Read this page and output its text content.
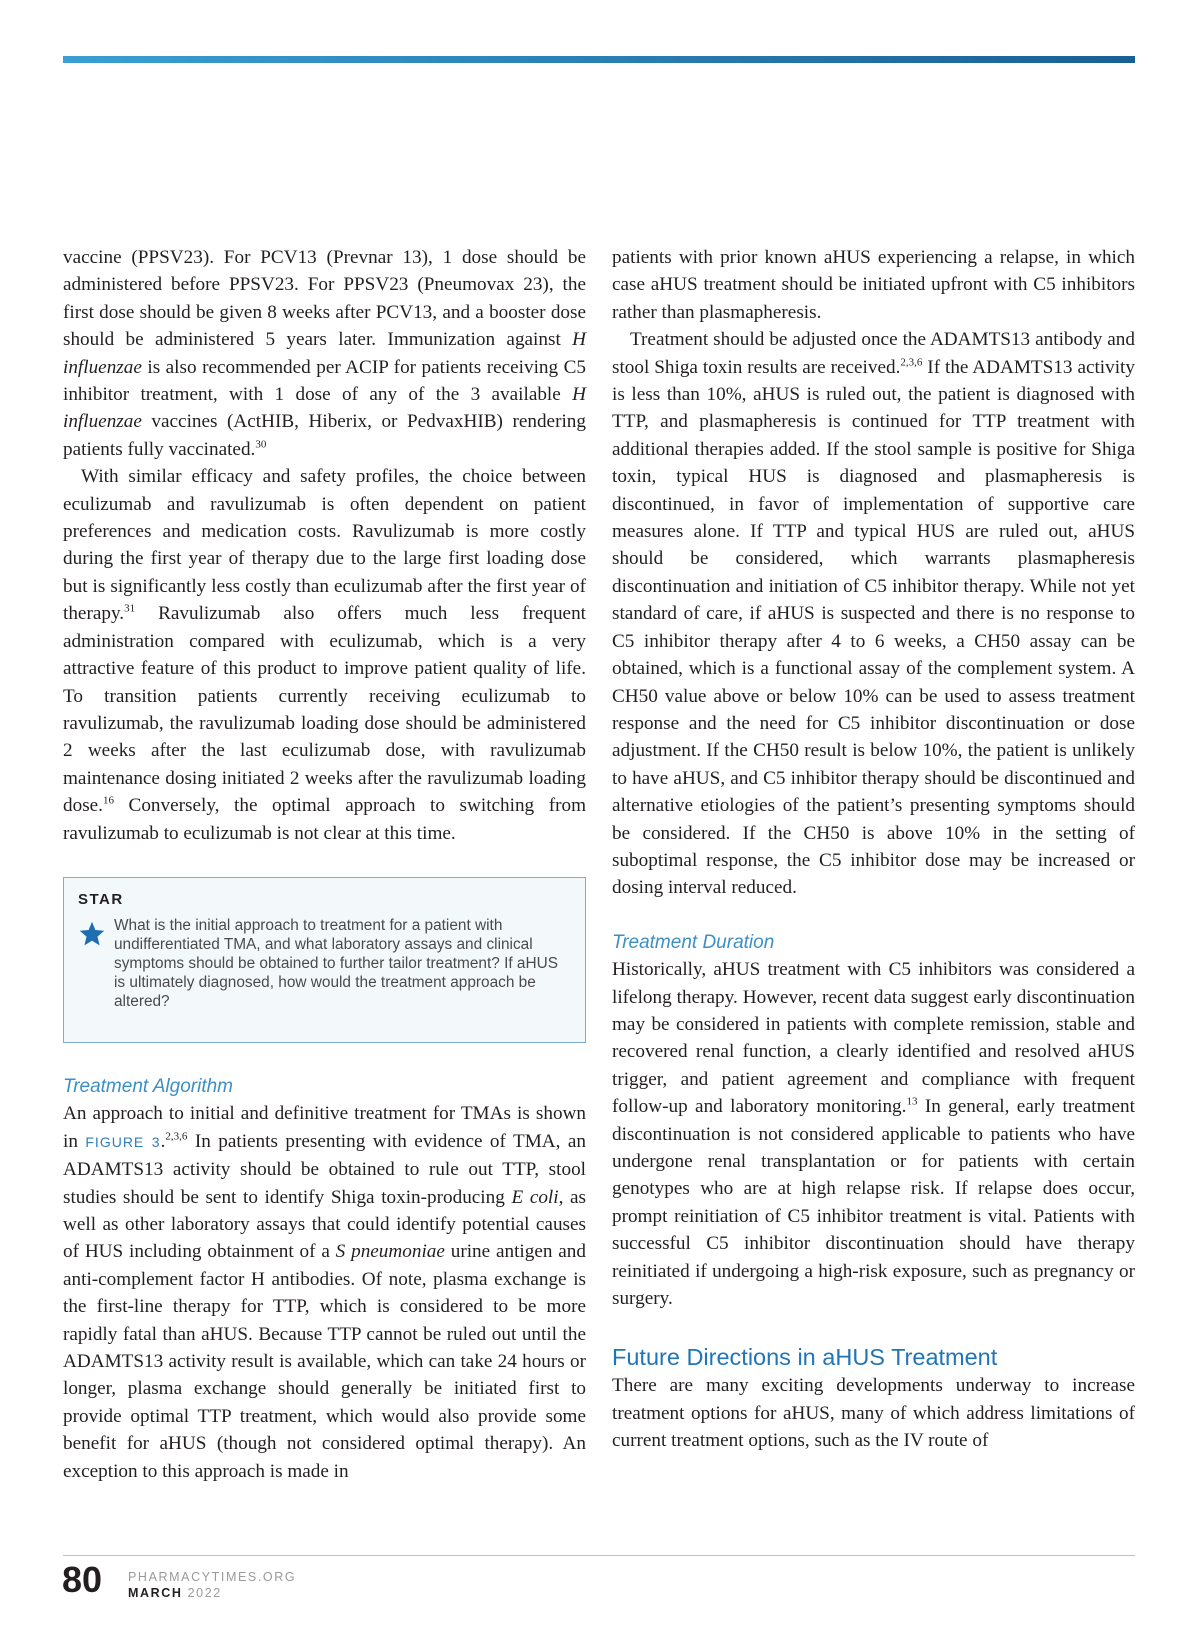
vaccine (PPSV23). For PCV13 (Prevnar 13), 1 dose should be administered before PPSV23. For PPSV23 (Pneumovax 23), the first dose should be given 8 weeks after PCV13, and a booster dose should be administered 5 years later. Immunization against H influenzae is also recommended per ACIP for patients receiving C5 inhibitor treatment, with 1 dose of any of the 3 available H influenzae vaccines (ActHIB, Hiberix, or PedvaxHIB) rendering patients fully vaccinated.$^{30}$

With similar efficacy and safety profiles, the choice between eculizumab and ravulizumab is often dependent on patient preferences and medication costs. Ravulizumab is more costly during the first year of therapy due to the large first loading dose but is significantly less costly than eculizumab after the first year of therapy.$^{31}$ Ravulizumab also offers much less frequent administration compared with eculizumab, which is a very attractive feature of this product to improve patient quality of life. To transition patients currently receiving eculizumab to ravulizumab, the ravulizumab loading dose should be administered 2 weeks after the last eculizumab dose, with ravulizumab maintenance dosing initiated 2 weeks after the ravulizumab loading dose.$^{16}$ Conversely, the optimal approach to switching from ravulizumab to eculizumab is not clear at this time.

STAR
What is the initial approach to treatment for a patient with undifferentiated TMA, and what laboratory assays and clinical symptoms should be obtained to further tailor treatment? If aHUS is ultimately diagnosed, how would the treatment approach be altered?

Treatment Algorithm

An approach to initial and definitive treatment for TMAs is shown in FIGURE 3.$^{2,3,6}$ In patients presenting with evidence of TMA, an ADAMTS13 activity should be obtained to rule out TTP, stool studies should be sent to identify Shiga toxin-producing E coli, as well as other laboratory assays that could identify potential causes of HUS including obtainment of a S pneumoniae urine antigen and anti-complement factor H antibodies. Of note, plasma exchange is the first-line therapy for TTP, which is considered to be more rapidly fatal than aHUS. Because TTP cannot be ruled out until the ADAMTS13 activity result is available, which can take 24 hours or longer, plasma exchange should generally be initiated first to provide optimal TTP treatment, which would also provide some benefit for aHUS (though not considered optimal therapy). An exception to this approach is made in

patients with prior known aHUS experiencing a relapse, in which case aHUS treatment should be initiated upfront with C5 inhibitors rather than plasmapheresis.

Treatment should be adjusted once the ADAMTS13 antibody and stool Shiga toxin results are received.$^{2,3,6}$ If the ADAMTS13 activity is less than 10%, aHUS is ruled out, the patient is diagnosed with TTP, and plasmapheresis is continued for TTP treatment with additional therapies added. If the stool sample is positive for Shiga toxin, typical HUS is diagnosed and plasmapheresis is discontinued, in favor of implementation of supportive care measures alone. If TTP and typical HUS are ruled out, aHUS should be considered, which warrants plasmapheresis discontinuation and initiation of C5 inhibitor therapy. While not yet standard of care, if aHUS is suspected and there is no response to C5 inhibitor therapy after 4 to 6 weeks, a CH50 assay can be obtained, which is a functional assay of the complement system. A CH50 value above or below 10% can be used to assess treatment response and the need for C5 inhibitor discontinuation or dose adjustment. If the CH50 result is below 10%, the patient is unlikely to have aHUS, and C5 inhibitor therapy should be discontinued and alternative etiologies of the patient’s presenting symptoms should be considered. If the CH50 is above 10% in the setting of suboptimal response, the C5 inhibitor dose may be increased or dosing interval reduced.

Treatment Duration

Historically, aHUS treatment with C5 inhibitors was considered a lifelong therapy. However, recent data suggest early discontinuation may be considered in patients with complete remission, stable and recovered renal function, a clearly identified and resolved aHUS trigger, and patient agreement and compliance with frequent follow-up and laboratory monitoring.$^{13}$ In general, early treatment discontinuation is not considered applicable to patients who have undergone renal transplantation or for patients with certain genotypes who are at high relapse risk. If relapse does occur, prompt reinitiation of C5 inhibitor treatment is vital. Patients with successful C5 inhibitor discontinuation should have therapy reinitiated if undergoing a high-risk exposure, such as pregnancy or surgery.

Future Directions in aHUS Treatment

There are many exciting developments underway to increase treatment options for aHUS, many of which address limitations of current treatment options, such as the IV route of

80 PHARMACYTIMES.ORG
MARCH 2022
